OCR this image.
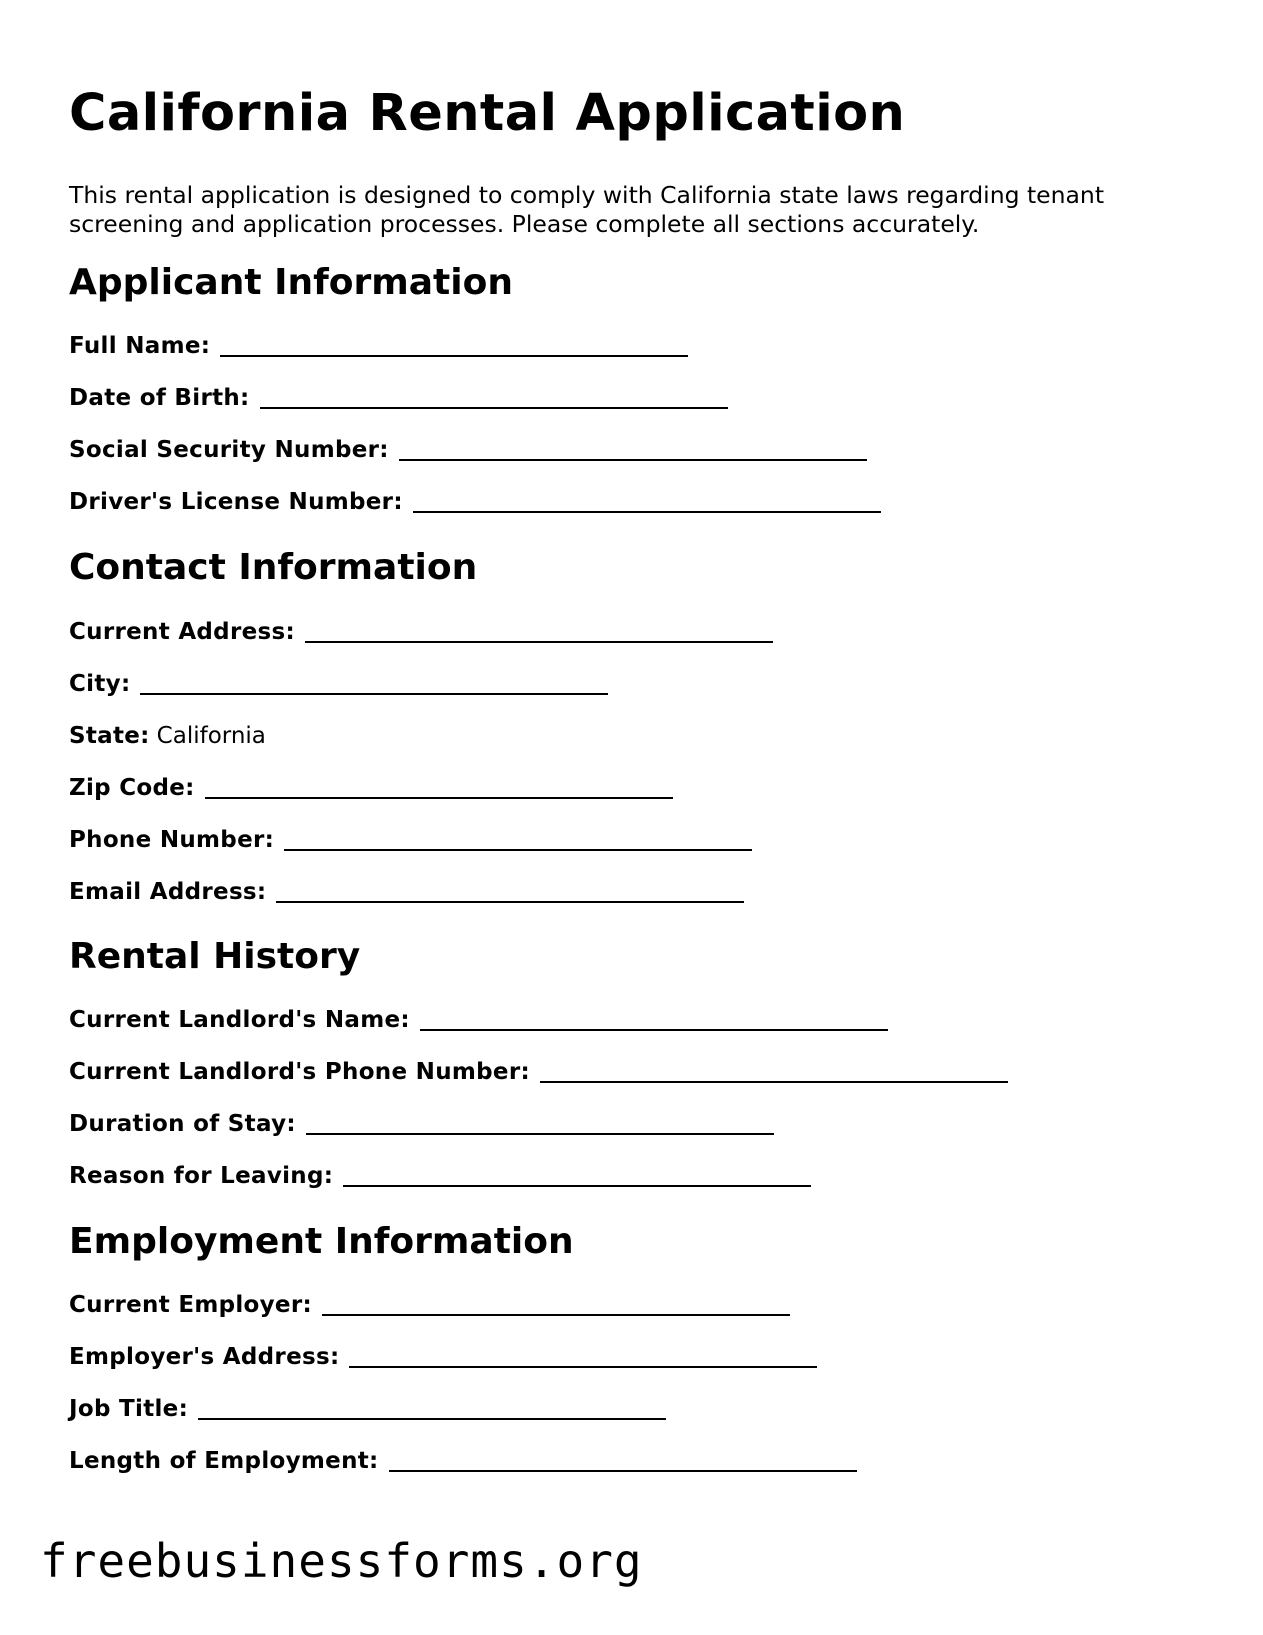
California Rental Application

This rental application is designed to comply with California state laws regarding tenant screening and application processes. Please complete all sections accurately.

Applicant Information
Full Name:
Date of Birth:
Social Security Number:
Driver's License Number:
Contact Information
Current Address:
City:
State: California
Zip Code:
Phone Number:
Email Address:
Rental History
Current Landlord's Name:
Current Landlord's Phone Number:
Duration of Stay:
Reason for Leaving:
Employment Information
Current Employer:
Employer's Address:
Job Title:
Length of Employment:
freebusinessforms.org
